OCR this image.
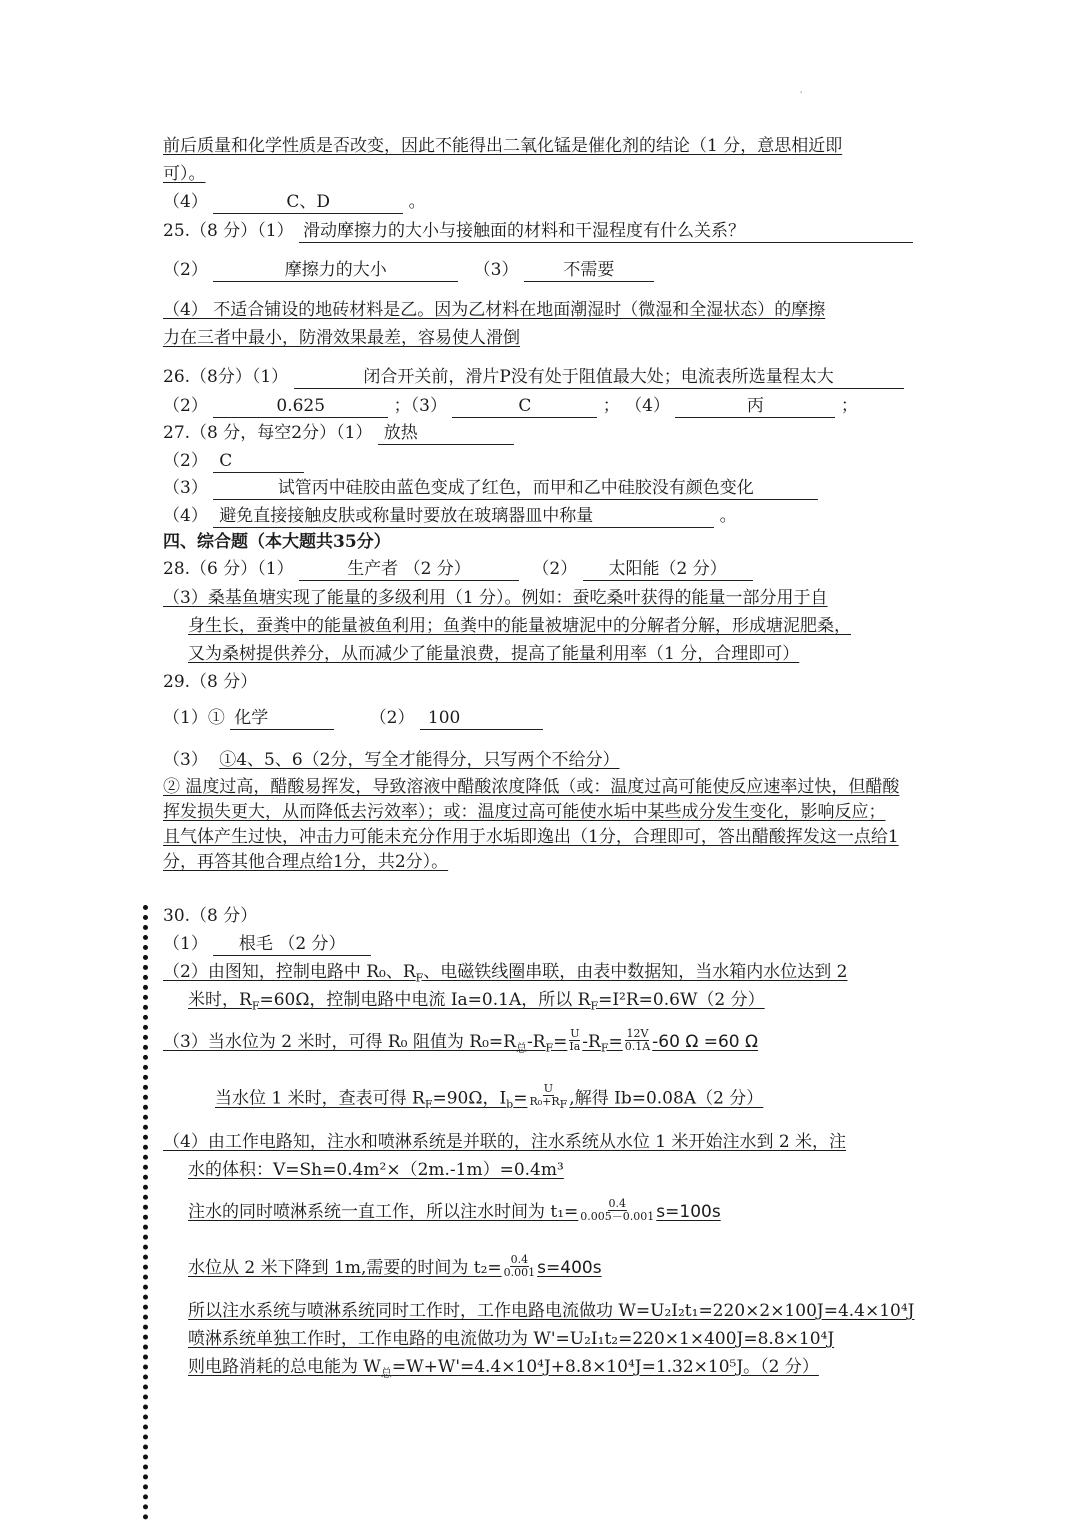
'
前后质量和化学性质是否改变，因此不能得出二氧化锰是催化剂的结论（1 分，意思相近即
可）。
（4）	C、D	。
25.（8 分）（1） 滑动摩擦力的大小与接触面的材料和干湿程度有什么关系？
（2）	摩擦力的大小	（3）	不需要
（4） 不适合铺设的地砖材料是乙。因为乙材料在地面潮湿时（微湿和全湿状态）的摩擦
力在三者中最小，防滑效果最差，容易使人滑倒
26.（8分）（1）	闭合开关前，滑片P没有处于阻值最大处；电流表所选量程太大
（2）	0.625	；（3）	C	； （4）	丙	；
27.（8 分，每空2分）（1） 放热
（2） C
（3）	试管丙中硅胶由蓝色变成了红色，而甲和乙中硅胶没有颜色变化
（4） 避免直接接触皮肤或称量时要放在玻璃器皿中称量	。
四、综合题（本大题共35分）
28.（6 分）（1）	生产者 （2 分）	（2） 太阳能（2 分）
（3）桑基鱼塘实现了能量的多级利用（1 分）。例如：蚕吃桑叶获得的能量一部分用于自
身生长，蚕粪中的能量被鱼利用；鱼粪中的能量被塘泥中的分解者分解，形成塘泥肥桑，
又为桑树提供养分，从而减少了能量浪费，提高了能量利用率（1 分，合理即可）
29.（8 分）
（1）① 化学	（2） 100
（3） ①4、5、6（2分，写全才能得分，只写两个不给分）
② 温度过高，醋酸易挥发，导致溶液中醋酸浓度降低（或：温度过高可能使反应速率过快，但醋酸
挥发损失更大，从而降低去污效率）；或：温度过高可能使水垢中某些成分发生变化，影响反应；
且气体产生过快，冲击力可能未充分作用于水垢即逸出（1分，合理即可，答出醋酸挥发这一点给1
分，再答其他合理点给1分，共2分）。
30.（8 分）
（1） 根毛 （2 分）
（2）由图知，控制电路中 R₀、$R_F$、电磁铁线圈串联，由表中数据知，当水箱内水位达到 2
米时，$R_F=60\Omega$，控制电路中电流 Ia=0.1A，所以 $R_F=I^2R=0.6W(2$ 分）
（3）当水位为 2 米时，可得 R₀ 阻值为 $R_0=R_总-R_F= \frac{U}{Ia} -R_F= \frac{12V}{0.1A} -60$ Ω =60 Ω
当水位 1 米时，查表可得 $R_F=90\Omega$，$I_b= \frac{U}{R_0+R_F}$ ,解得 Ib=0.08A（2 分）
（4）由工作电路知，注水和喷淋系统是并联的，注水系统从水位 1 米开始注水到 2 米，注
水的体积：V=Sh=0.4m²×（2m.-1m）=0.4m³
注水的同时喷淋系统一直工作，所以注水时间为 $t_1= \frac{0.4}{0.005-0.001} s=100s$
水位从 2 米下降到 1m,需要的时间为 $t_2= \frac{0.4}{0.001} s=400s$
所以注水系统与喷淋系统同时工作时，工作电路电流做功 W=U₂I₂t₁=220×2×100J=4.4×10⁴J
喷淋系统单独工作时，工作电路的电流做功为 W'=U₂I₁t₂=220×1×400J=8.8×10⁴J
则电路消耗的总电能为 $W_总=W+W'=4.4\times 10^4J+8.8\times 10^4J=1.32\times 10^5J$。（2 分）
